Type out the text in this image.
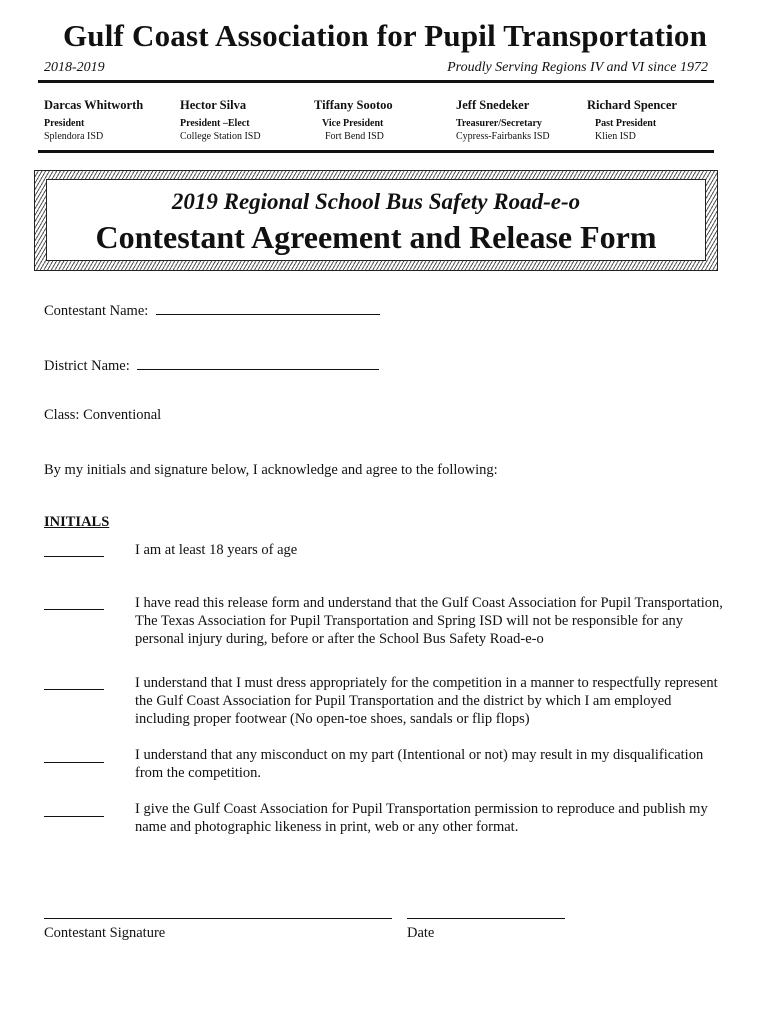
Gulf Coast Association for Pupil Transportation
2018-2019	Proudly Serving Regions IV and VI since 1972
Darcas Whitworth
President
Splendora ISD
Hector Silva
President –Elect
College Station ISD
Tiffany Sootoo
Vice President
Fort Bend ISD
Jeff Snedeker
Treasurer/Secretary
Cypress-Fairbanks ISD
Richard Spencer
Past President
Klien ISD
2019 Regional School Bus Safety Road-e-o
Contestant Agreement and Release Form
Contestant Name:
District Name:
Class: Conventional
By my initials and signature below, I acknowledge and agree to the following:
INITIALS
I am at least 18 years of age
I have read this release form and understand that the Gulf Coast Association for Pupil Transportation, The Texas Association for Pupil Transportation and Spring ISD will not be responsible for any personal injury during, before or after the School Bus Safety Road-e-o
I understand that I must dress appropriately for the competition in a manner to respectfully represent the Gulf Coast Association for Pupil Transportation and the district by which I am employed including proper footwear (No open-toe shoes, sandals or flip flops)
I understand that any misconduct on my part (Intentional or not) may result in my disqualification from the competition.
I give the Gulf Coast Association for Pupil Transportation permission to reproduce and publish my name and photographic likeness in print, web or any other format.
Contestant Signature	Date
